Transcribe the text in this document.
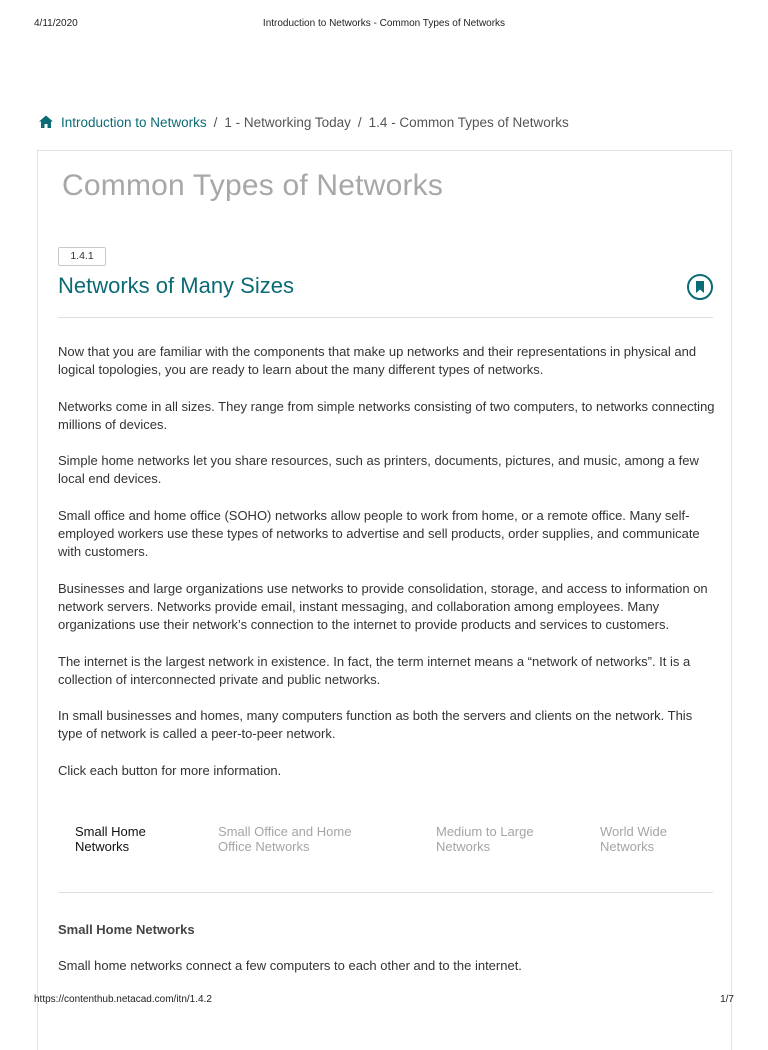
4/11/2020	Introduction to Networks - Common Types of Networks
Introduction to Networks / 1 - Networking Today / 1.4 - Common Types of Networks
Common Types of Networks
1.4.1
Networks of Many Sizes

Now that you are familiar with the components that make up networks and their representations in physical and logical topologies, you are ready to learn about the many different types of networks.

Networks come in all sizes. They range from simple networks consisting of two computers, to networks connecting millions of devices.

Simple home networks let you share resources, such as printers, documents, pictures, and music, among a few local end devices.

Small office and home office (SOHO) networks allow people to work from home, or a remote office. Many self-employed workers use these types of networks to advertise and sell products, order supplies, and communicate with customers.

Businesses and large organizations use networks to provide consolidation, storage, and access to information on network servers. Networks provide email, instant messaging, and collaboration among employees. Many organizations use their network’s connection to the internet to provide products and services to customers.

The internet is the largest network in existence. In fact, the term internet means a “network of networks”. It is a collection of interconnected private and public networks.

In small businesses and homes, many computers function as both the servers and clients on the network. This type of network is called a peer-to-peer network.

Click each button for more information.

Small Home Networks
Small Office and Home Office Networks
Medium to Large Networks
World Wide Networks
Small Home Networks
Small home networks connect a few computers to each other and to the internet.
https://contenthub.netacad.com/itn/1.4.2	1/7
